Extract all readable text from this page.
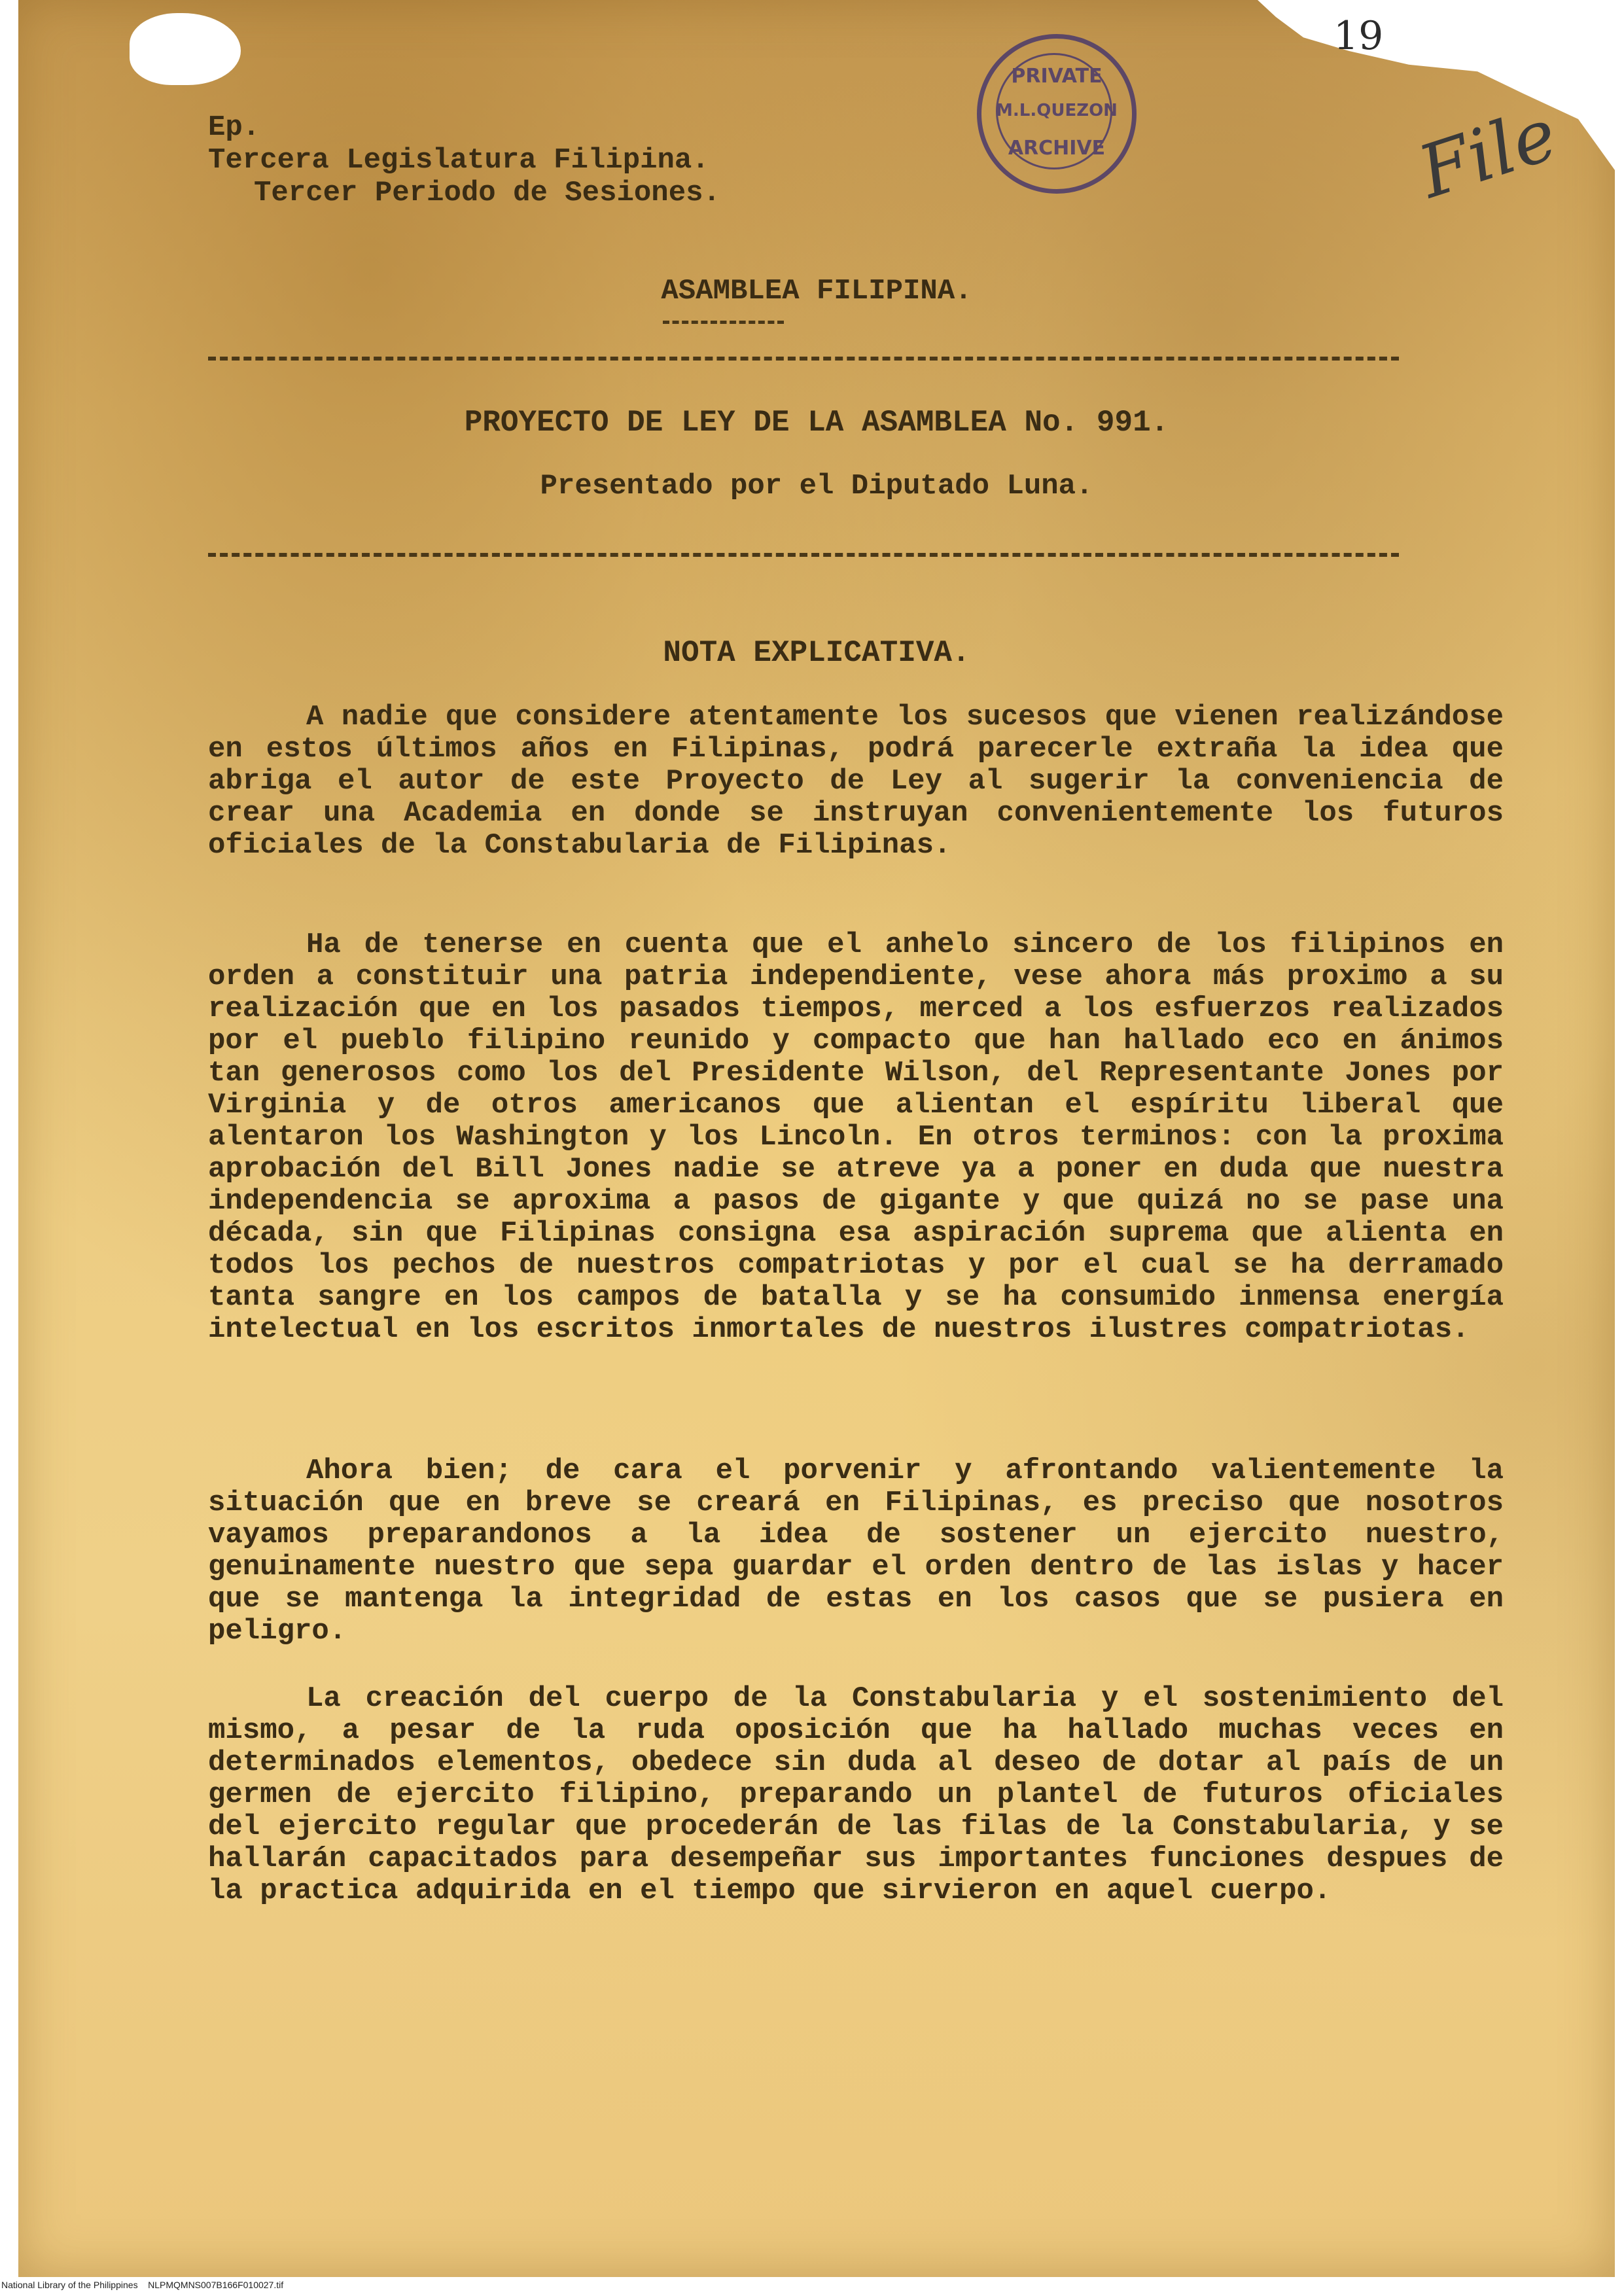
PRIVATE
M.L.QUEZON
ARCHIVE
19
File
Ep.
Tercera Legislatura Filipina.
Tercer Periodo de Sesiones.
ASAMBLEA FILIPINA.
PROYECTO DE LEY DE LA ASAMBLEA No. 991.
Presentado por el Diputado Luna.
NOTA EXPLICATIVA.
A nadie que considere atentamente los sucesos que vienen realizándose en estos últimos años en Filipinas, podrá parecerle extraña la idea que abriga el autor de este Proyecto de Ley al sugerir la conveniencia de crear una Academia en donde se instruyan convenientemente los futuros oficiales de la Constabularia de Filipinas.
Ha de tenerse en cuenta que el anhelo sincero de los filipinos en orden a constituir una patria independiente, vese ahora más proximo a su realización que en los pasados tiempos, merced a los esfuerzos realizados por el pueblo filipino reunido y compacto que han hallado eco en ánimos tan generosos como los del Presidente Wilson, del Representante Jones por Virginia y de otros americanos que alientan el espíritu liberal que alentaron los Washington y los Lincoln. En otros terminos: con la proxima aprobación del Bill Jones nadie se atreve ya a poner en duda que nuestra independencia se aproxima a pasos de gigante y que quizá no se pase una década, sin que Filipinas consigna esa aspiración suprema que alienta en todos los pechos de nuestros compatriotas y por el cual se ha derramado tanta sangre en los campos de batalla y se ha consumido inmensa energía intelectual en los escritos inmortales de nuestros ilustres compatriotas.
Ahora bien; de cara el porvenir y afrontando valientemente la situación que en breve se creará en Filipinas, es preciso que nosotros vayamos preparandonos a la idea de sostener un ejercito nuestro, genuinamente nuestro que sepa guardar el orden dentro de las islas y hacer que se mantenga la integridad de estas en los casos que se pusiera en peligro.
La creación del cuerpo de la Constabularia y el sostenimiento del mismo, a pesar de la ruda oposición que ha hallado muchas veces en determinados elementos, obedece sin duda al deseo de dotar al país de un germen de ejercito filipino, preparando un plantel de futuros oficiales del ejercito regular que procederán de las filas de la Constabularia, y se hallarán capacitados para desempeñar sus importantes funciones despues de la practica adquirida en el tiempo que sirvieron en aquel cuerpo.
National Library of the Philippines    NLPMQMNS007B166F010027.tif
